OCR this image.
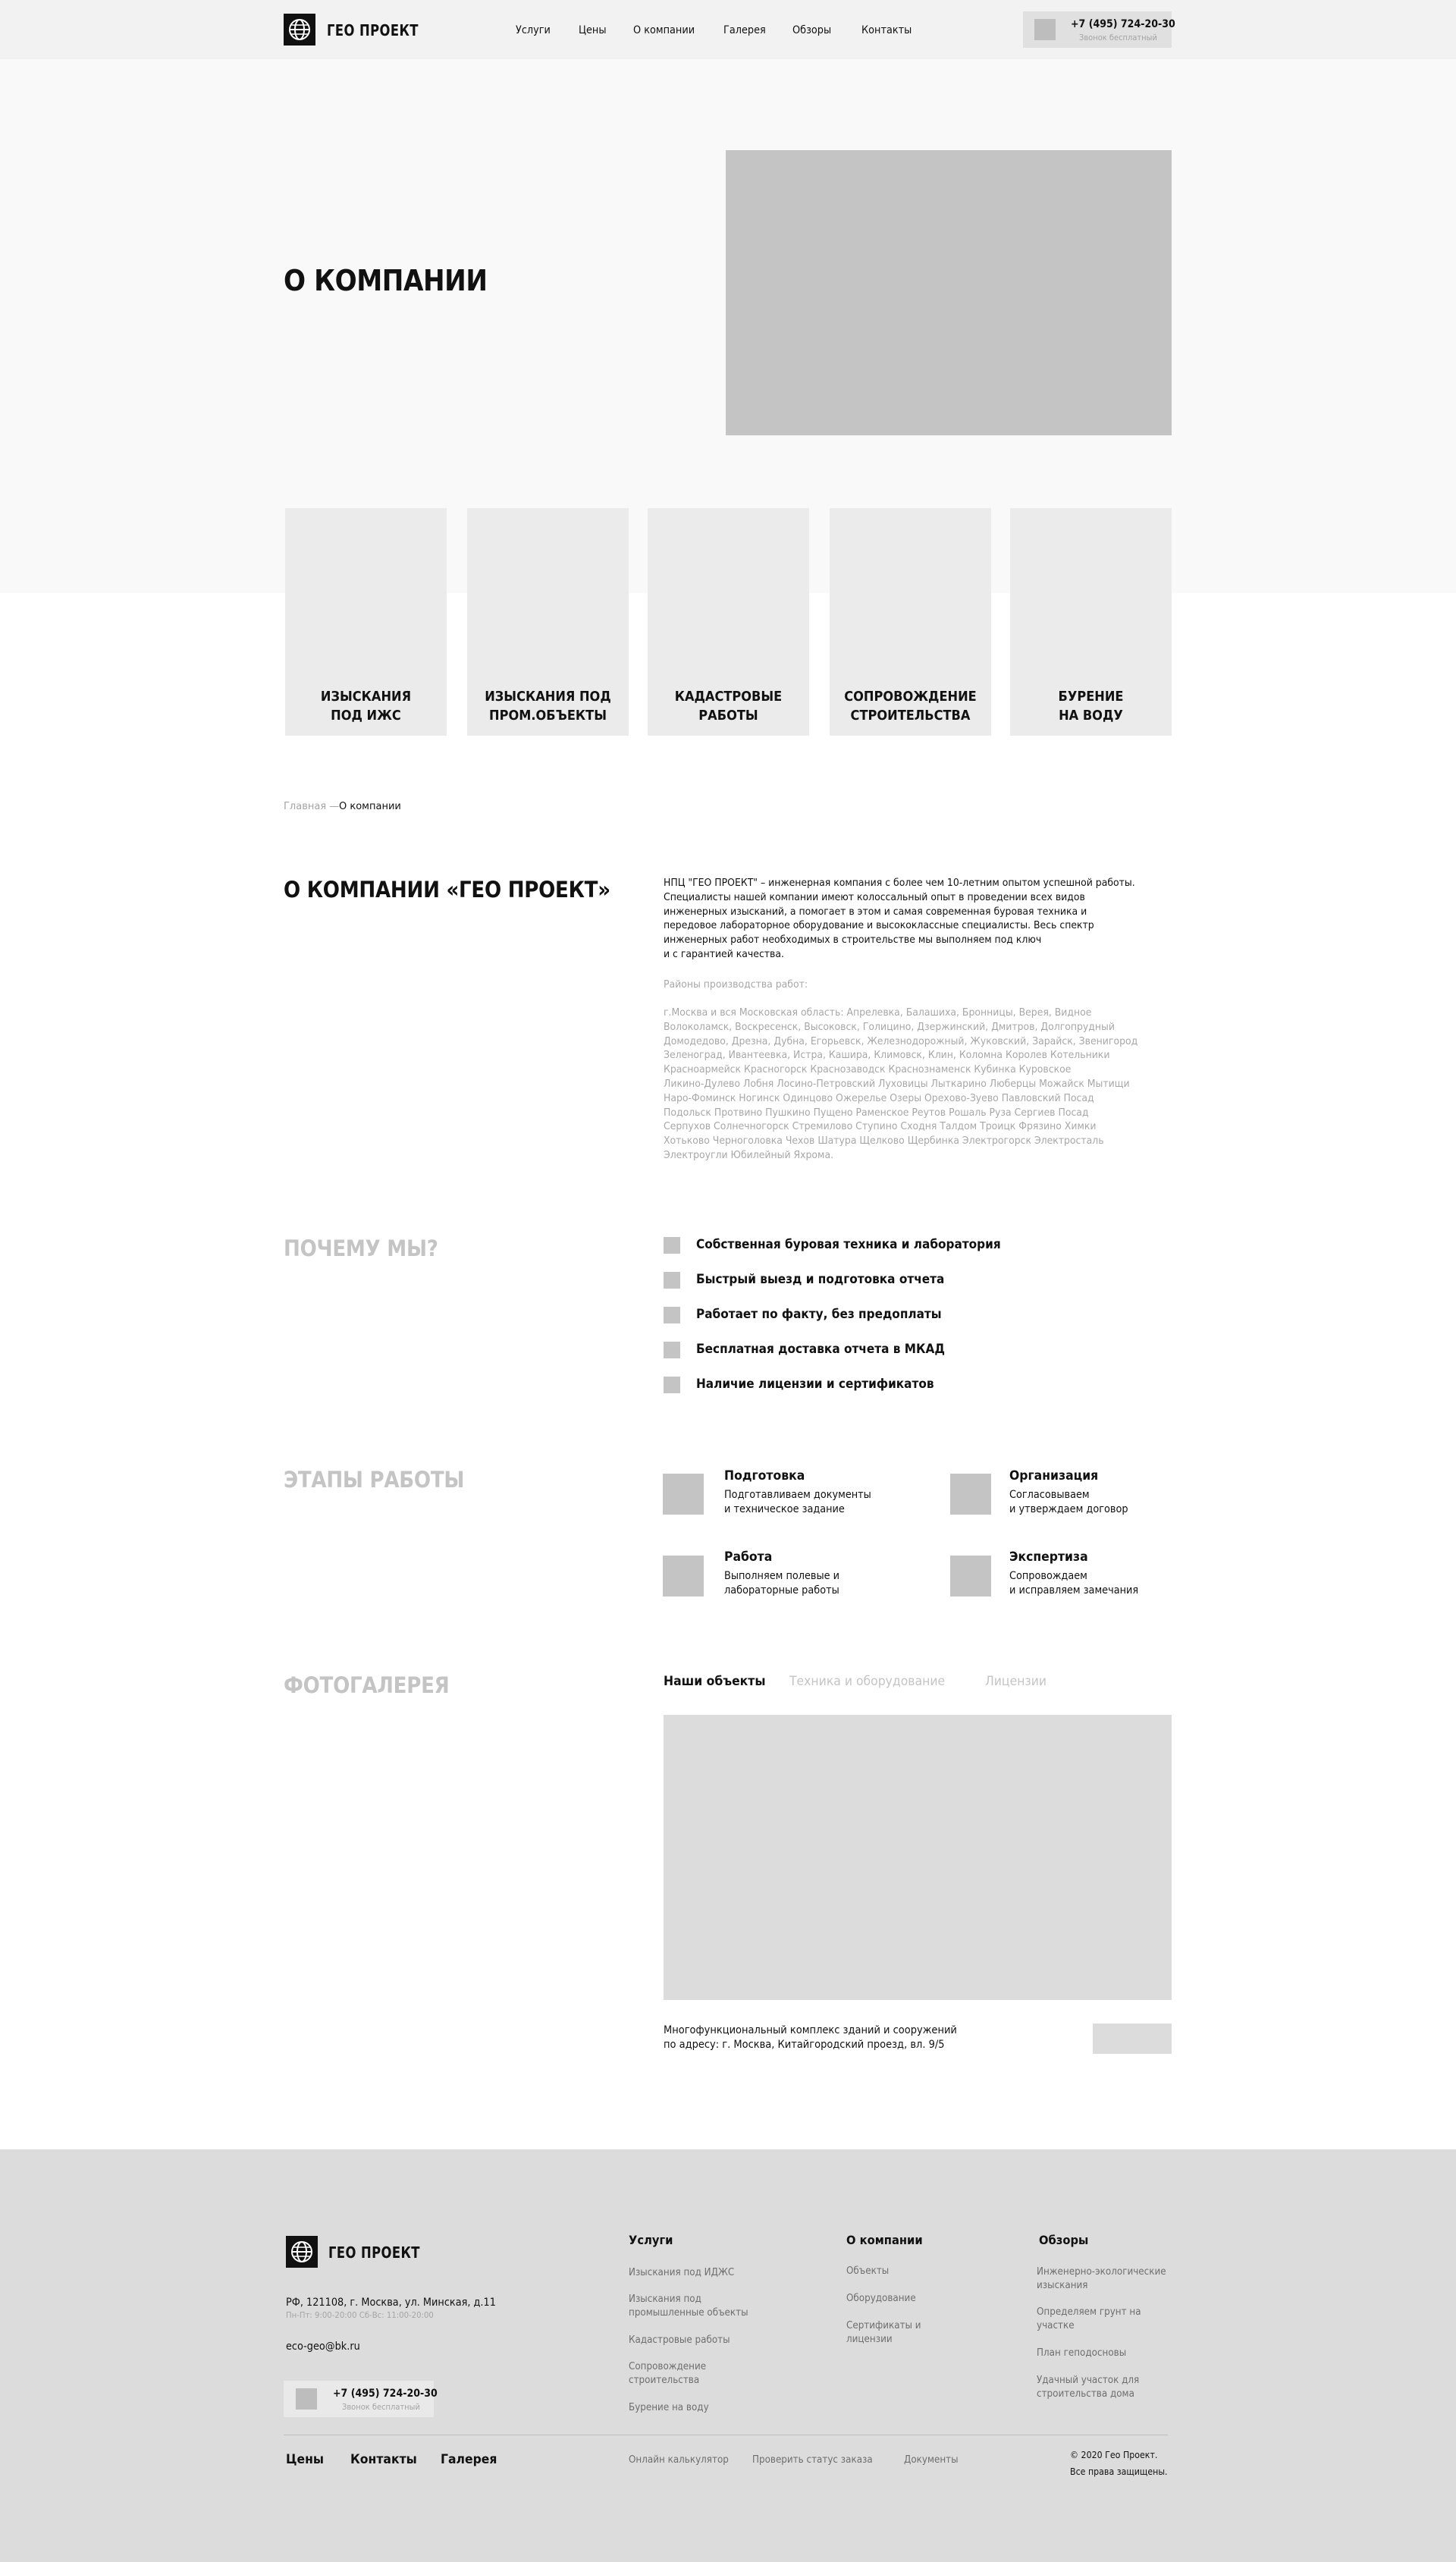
ГЕО ПРОЕКТ	Услуги	Цены	О компании	Галерея	Обзоры	Контакты	+7 (495) 724-20-30
Звонок бесплатный
О КОМПАНИИ
ИЗЫСКАНИЯ
ПОД ИЖС
ИЗЫСКАНИЯ ПОД
ПРОМ.ОБЪЕКТЫ
КАДАСТРОВЫЕ
РАБОТЫ
СОПРОВОЖДЕНИЕ
СТРОИТЕЛЬСТВА
БУРЕНИЕ
НА ВОДУ
Главная — О компании
О КОМПАНИИ «ГЕО ПРОЕКТ»	НПЦ "ГЕО ПРОЕКТ" – инженерная компания с более чем 10-летним опытом успешной работы.
Специалисты нашей компании имеют колоссальный опыт в проведении всех видов
инженерных изысканий, а помогает в этом и самая современная буровая техника и
передовое лабораторное оборудование и высококлассные специалисты. Весь спектр
инженерных работ необходимых в строительстве мы выполняем под ключ
и с гарантией качества.

Районы производства работ:

г.Москва и вся Московская область: Апрелевка, Балашиха, Бронницы, Верея, Видное
Волоколамск, Воскресенск, Высоковск, Голицино, Дзержинский, Дмитров, Долгопрудный
Домодедово, Дрезна, Дубна, Егорьевск, Железнодорожный, Жуковский, Зарайск, Звенигород
Зеленоград, Ивантеевка, Истра, Кашира, Климовск, Клин, Коломна Королев Котельники
Красноармейск Красногорск Краснозаводск Краснознаменск Кубинка Куровское
Ликино-Дулево Лобня Лосино-Петровский Луховицы Лыткарино Люберцы Можайск Мытищи
Наро-Фоминск Ногинск Одинцово Ожерелье Озеры Орехово-Зуево Павловский Посад
Подольск Протвино Пушкино Пущено Раменское Реутов Рошаль Руза Сергиев Посад
Серпухов Солнечногорск Стремилово Ступино Сходня Талдом Троицк Фрязино Химки
Хотьково Черноголовка Чехов Шатура Щелково Щербинка Электрогорск Электросталь
Электроугли Юбилейный Яхрома.

ПОЧЕМУ МЫ?	Собственная буровая техника и лаборатория
Быстрый выезд и подготовка отчета
Работает по факту, без предоплаты
Бесплатная доставка отчета в МКАД
Наличие лицензии и сертификатов
ЭТАПЫ РАБОТЫ	Подготовка
Подготавливаем документы
и техническое задание
Организация
Согласовываем
и утверждаем договор
Работа
Выполняем полевые и
лабораторные работы
Экспертиза
Сопровождаем
и исправляем замечания
ФОТОГАЛЕРЕЯ	Наши объекты Техника и оборудование	Лицензии

Многофункциональный комплекс зданий и сооружений
по адресу: г. Москва, Китайгородский проезд, вл. 9/5

ГЕО ПРОЕКТ
РФ, 121108, г. Москва, ул. Минская, д.11
Пн-Пт: 9:00-20:00 Сб-Вс: 11:00-20:00
eco-geo@bk.ru
+7 (495) 724-20-30
Звонок бесплатный
Услуги
Изыскания под ИДЖС
Изыскания под
промышленные объекты
Кадастровые работы
Сопровождение
строительства
Бурение на воду
О компании
Объекты
Оборудование
Сертификаты и
лицензии
Обзоры
Инженерно-экологические
изыскания
Определяем грунт на
участке
План геподосновы
Удачный участок для
строительства дома
Цены Контакты Галерея	Онлайн калькулятор Проверить статус заказа	Документы	© 2020 Гео Проект.
Все права защищены.
